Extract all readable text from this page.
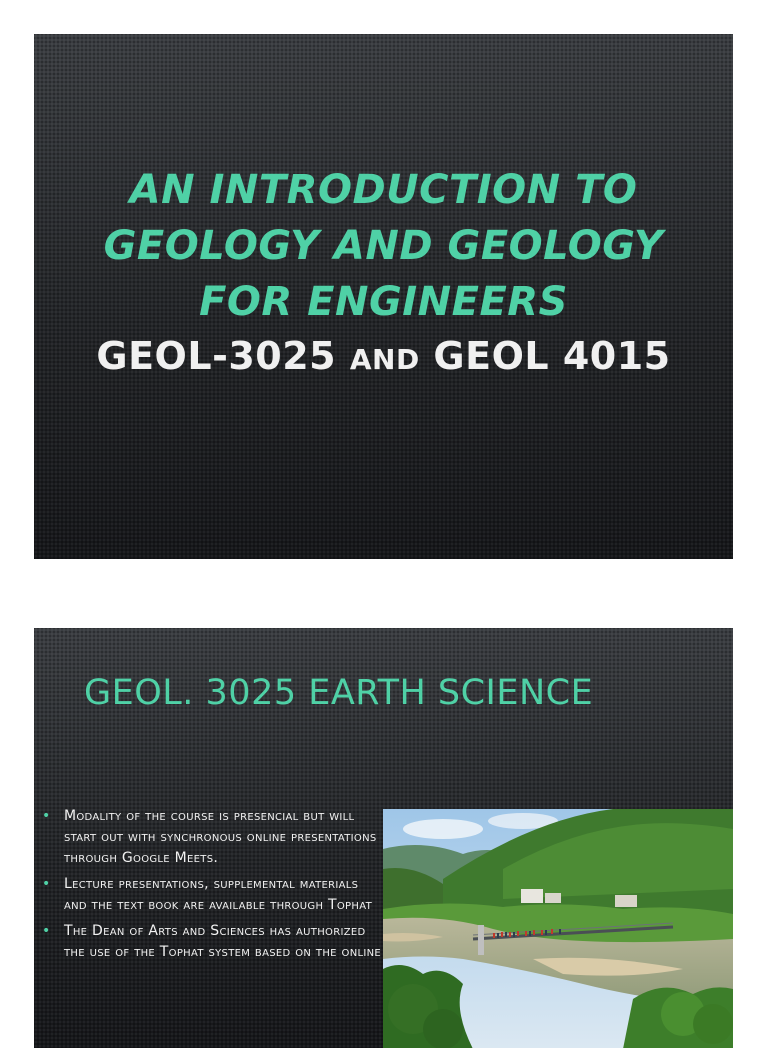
AN INTRODUCTION TO
GEOLOGY AND GEOLOGY
FOR ENGINEERS
GEOL-3025 AND GEOL 4015
GEOL. 3025 EARTH SCIENCE
• Modality of the course is presencial but will start out with synchronous online presentations through Google Meets.
• Lecture presentations, supplemental materials and the text book are available through Tophat
• The Dean of Arts and Sciences has authorized the use of the Tophat system based on the online
